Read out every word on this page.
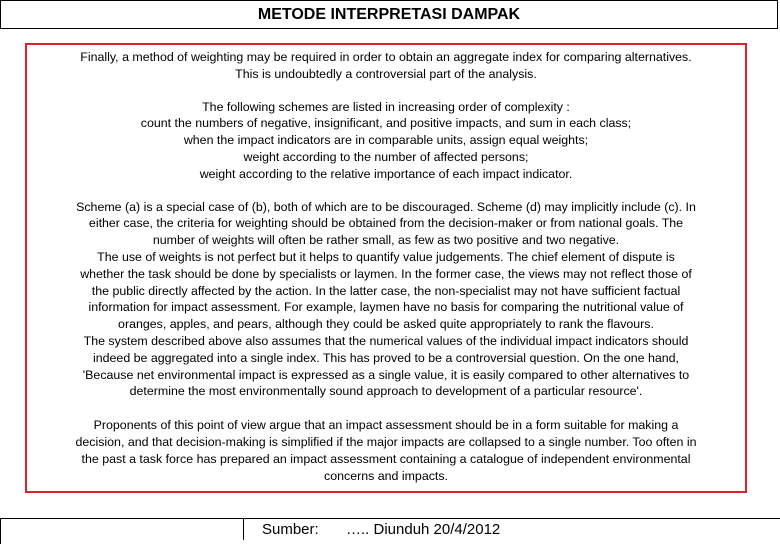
METODE INTERPRETASI DAMPAK

Finally, a method of weighting may be required in order to obtain an aggregate index for comparing alternatives.

This is undoubtedly a controversial part of the analysis.

The following schemes are listed in increasing order of complexity :

count the numbers of negative, insignificant, and positive impacts, and sum in each class;

when the impact indicators are in comparable units, assign equal weights;

weight according to the number of affected persons;

weight according to the relative importance of each impact indicator.

Scheme (a) is a special case of (b), both of which are to be discouraged. Scheme (d) may implicitly include (c). In

either case, the criteria for weighting should be obtained from the decision-maker or from national goals. The

number of weights will often be rather small, as few as two positive and two negative.

The use of weights is not perfect but it helps to quantify value judgements. The chief element of dispute is

whether the task should be done by specialists or laymen. In the former case, the views may not reflect those of

the public directly affected by the action. In the latter case, the non-specialist may not have sufficient factual

information for impact assessment. For example, laymen have no basis for comparing the nutritional value of

oranges, apples, and pears, although they could be asked quite appropriately to rank the flavours.

The system described above also assumes that the numerical values of the individual impact indicators should

indeed be aggregated into a single index. This has proved to be a controversial question. On the one hand,

'Because net environmental impact is expressed as a single value, it is easily compared to other alternatives to

determine the most environmentally sound approach to development of a particular resource'.

Proponents of this point of view argue that an impact assessment should be in a form suitable for making a

decision, and that decision-making is simplified if the major impacts are collapsed to a single number. Too often in

the past a task force has prepared an impact assessment containing a catalogue of independent environmental

concerns and impacts.

Sumber: ….. Diunduh 20/4/2012
